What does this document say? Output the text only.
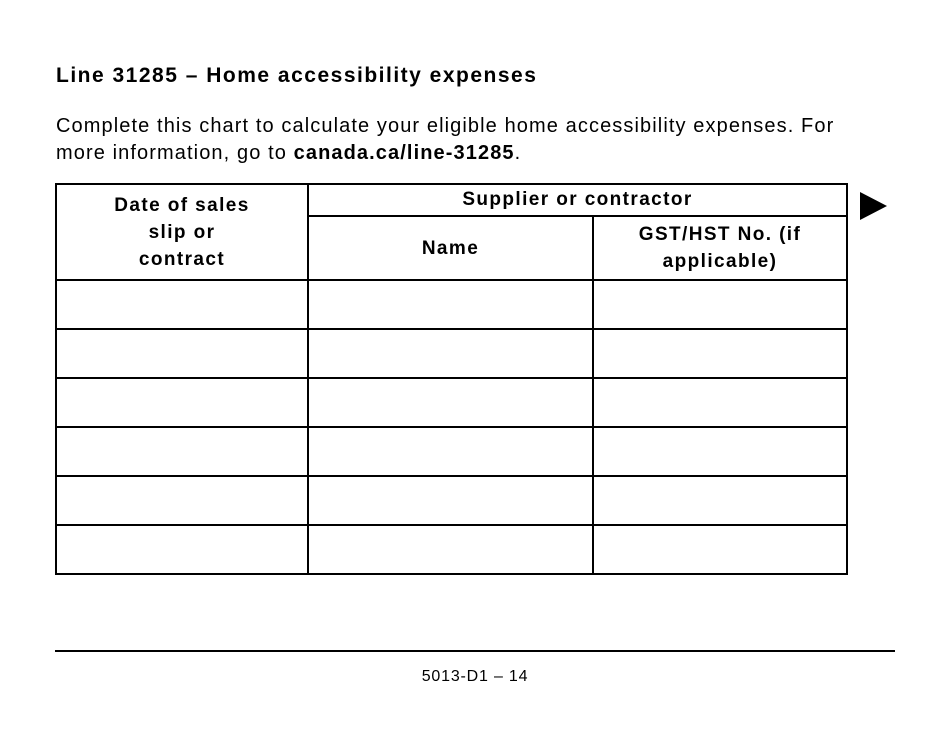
Line 31285 – Home accessibility expenses
Complete this chart to calculate your eligible home accessibility expenses. For more information, go to canada.ca/line-31285.
Date of sales slip or contract	Supplier or contractor	
	Name	GST/HST No. (if applicable)

5013-D1 – 14
